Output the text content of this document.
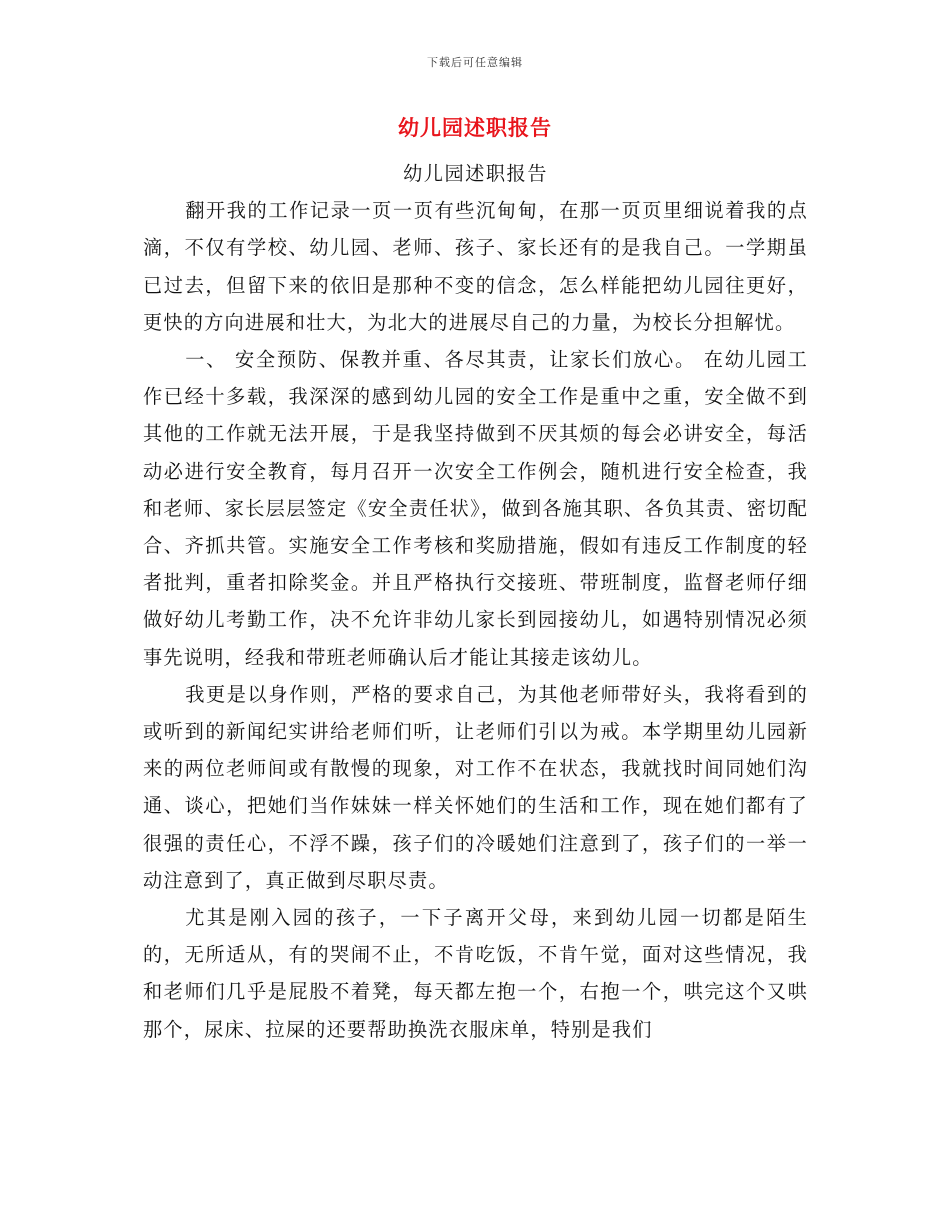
下载后可任意编辑
幼儿园述职报告

幼儿园述职报告

翻开我的工作记录一页一页有些沉甸甸，在那一页页里细说着我的点滴，不仅有学校、幼儿园、老师、孩子、家长还有的是我自己。一学期虽已过去，但留下来的依旧是那种不变的信念，怎么样能把幼儿园往更好，更快的方向进展和壮大，为北大的进展尽自己的力量，为校长分担解忧。

一、 安全预防、保教并重、各尽其责，让家长们放心。 在幼儿园工作已经十多载，我深深的感到幼儿园的安全工作是重中之重，安全做不到其他的工作就无法开展，于是我坚持做到不厌其烦的每会必讲安全，每活动必进行安全教育，每月召开一次安全工作例会，随机进行安全检查，我和老师、家长层层签定《安全责任状》，做到各施其职、各负其责、密切配合、齐抓共管。实施安全工作考核和奖励措施，假如有违反工作制度的轻者批判，重者扣除奖金。并且严格执行交接班、带班制度，监督老师仔细做好幼儿考勤工作，决不允许非幼儿家长到园接幼儿，如遇特别情况必须事先说明，经我和带班老师确认后才能让其接走该幼儿。

我更是以身作则，严格的要求自己，为其他老师带好头，我将看到的或听到的新闻纪实讲给老师们听，让老师们引以为戒。本学期里幼儿园新来的两位老师间或有散慢的现象，对工作不在状态，我就找时间同她们沟通、谈心，把她们当作妹妹一样关怀她们的生活和工作，现在她们都有了很强的责任心，不浮不躁，孩子们的冷暖她们注意到了，孩子们的一举一动注意到了，真正做到尽职尽责。

尤其是刚入园的孩子，一下子离开父母，来到幼儿园一切都是陌生的，无所适从，有的哭闹不止，不肯吃饭，不肯午觉，面对这些情况，我和老师们几乎是屁股不着凳，每天都左抱一个，右抱一个，哄完这个又哄那个，尿床、拉屎的还要帮助换洗衣服床单，特别是我们
